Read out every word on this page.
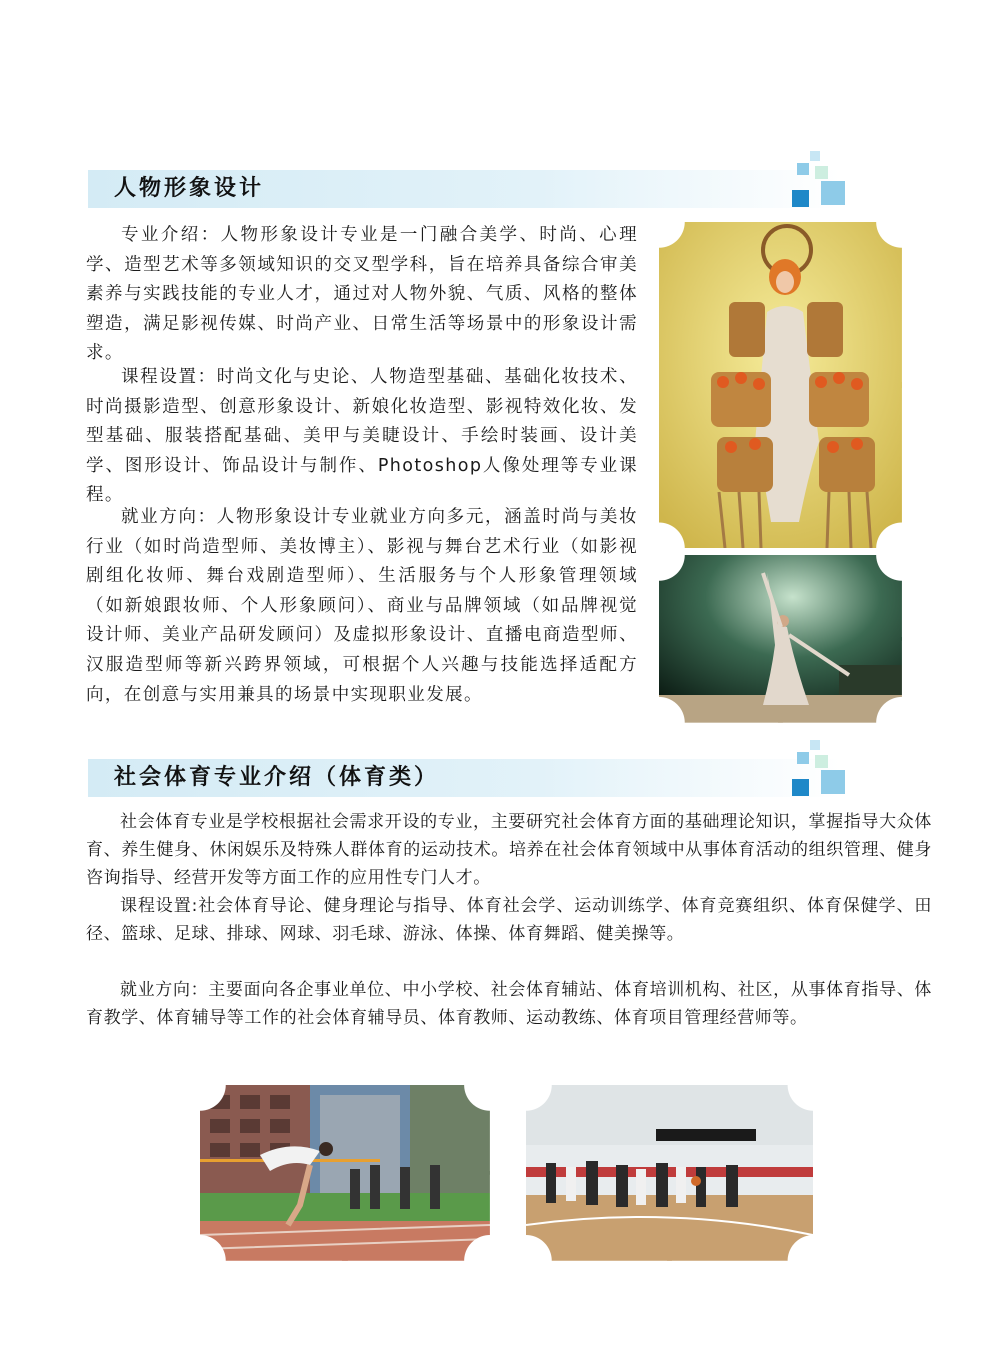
人物形象设计

专业介绍：人物形象设计专业是一门融合美学、时尚、心理学、造型艺术等多领域知识的交叉型学科，旨在培养具备综合审美素养与实践技能的专业人才，通过对人物外貌、气质、风格的整体塑造，满足影视传媒、时尚产业、日常生活等场景中的形象设计需求。

课程设置：时尚文化与史论、人物造型基础、基础化妆技术、时尚摄影造型、创意形象设计、新娘化妆造型、影视特效化妆、发型基础、服装搭配基础、美甲与美睫设计、手绘时装画、设计美学、图形设计、饰品设计与制作、Photoshop人像处理等专业课程。

就业方向：人物形象设计专业就业方向多元，涵盖时尚与美妆行业（如时尚造型师、美妆博主）、影视与舞台艺术行业（如影视剧组化妆师、舞台戏剧造型师）、生活服务与个人形象管理领域（如新娘跟妆师、个人形象顾问）、商业与品牌领域（如品牌视觉设计师、美业产品研发顾问）及虚拟形象设计、直播电商造型师、汉服造型师等新兴跨界领域，可根据个人兴趣与技能选择适配方向，在创意与实用兼具的场景中实现职业发展。

社会体育专业介绍（体育类）

社会体育专业是学校根据社会需求开设的专业，主要研究社会体育方面的基础理论知识，掌握指导大众体育、养生健身、休闲娱乐及特殊人群体育的运动技术。培养在社会体育领域中从事体育活动的组织管理、健身咨询指导、经营开发等方面工作的应用性专门人才。

课程设置:社会体育导论、健身理论与指导、体育社会学、运动训练学、体育竞赛组织、体育保健学、田径、篮球、足球、排球、网球、羽毛球、游泳、体操、体育舞蹈、健美操等。

就业方向：主要面向各企事业单位、中小学校、社会体育辅站、体育培训机构、社区，从事体育指导、体育教学、体育辅导等工作的社会体育辅导员、体育教师、运动教练、体育项目管理经营师等。
